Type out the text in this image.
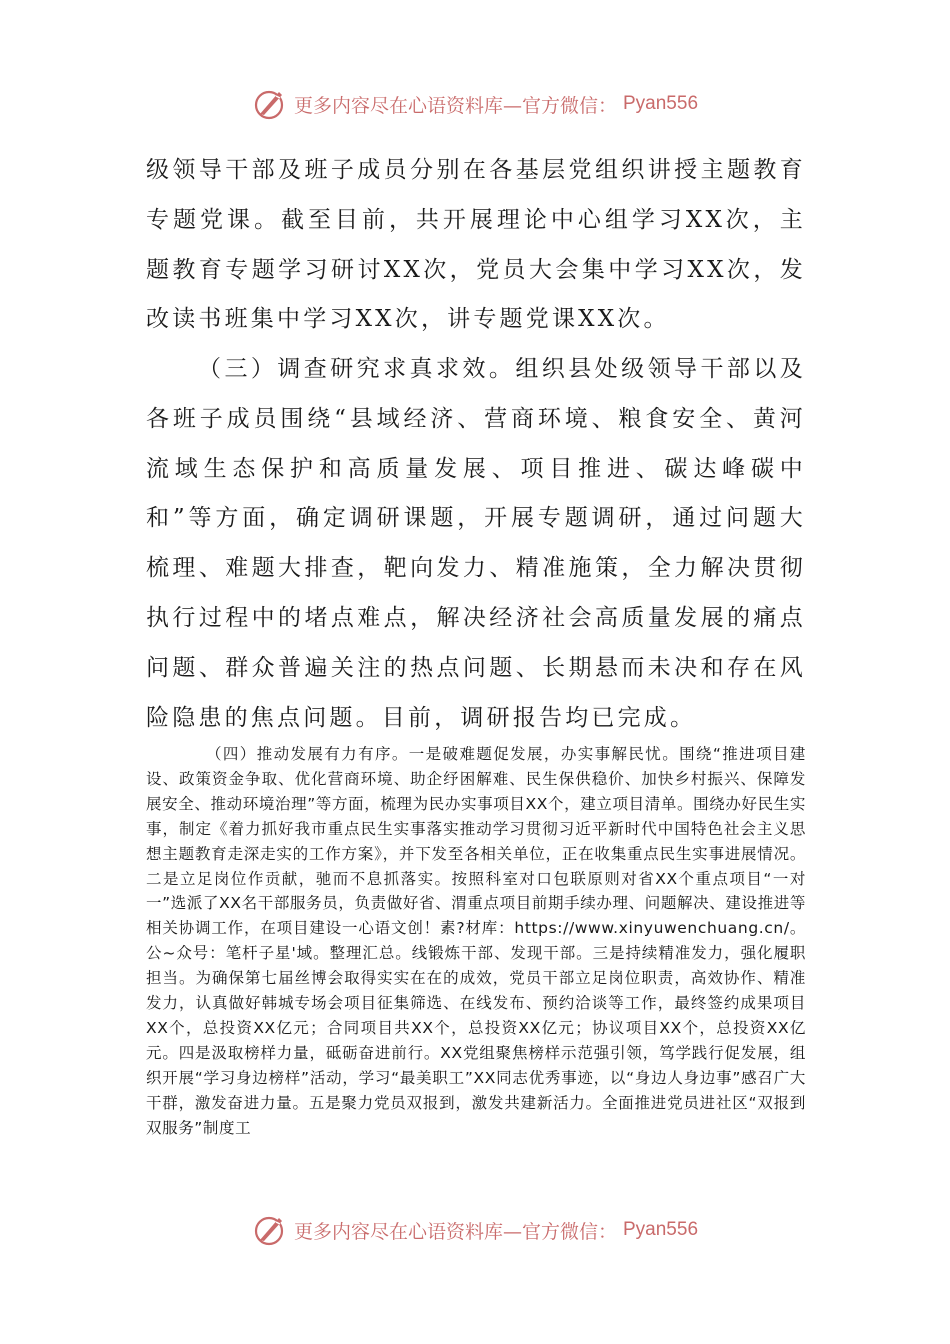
更多内容尽在心语资料库—官方微信： Pyan556

级领导干部及班子成员分别在各基层党组织讲授主题教育专题党课。截至目前，共开展理论中心组学习XX次，主题教育专题学习研讨XX次，党员大会集中学习XX次，发改读书班集中学习XX次，讲专题党课XX次。

（三）调查研究求真求效。组织县处级领导干部以及各班子成员围绕“县域经济、营商环境、粮食安全、黄河流域生态保护和高质量发展、项目推进、碳达峰碳中和”等方面，确定调研课题，开展专题调研，通过问题大梳理、难题大排查，靶向发力、精准施策，全力解决贯彻执行过程中的堵点难点，解决经济社会高质量发展的痛点问题、群众普遍关注的热点问题、长期悬而未决和存在风险隐患的焦点问题。目前，调研报告均已完成。

（四）推动发展有力有序。一是破难题促发展，办实事解民忧。围绕“推进项目建设、政策资金争取、优化营商环境、助企纾困解难、民生保供稳价、加快乡村振兴、保障发展安全、推动环境治理”等方面，梳理为民办实事项目XX个，建立项目清单。围绕办好民生实事，制定《着力抓好我市重点民生实事落实推动学习贯彻习近平新时代中国特色社会主义思想主题教育走深走实的工作方案》，并下发至各相关单位，正在收集重点民生实事进展情况。二是立足岗位作贡献，驰而不息抓落实。按照科室对口包联原则对省XX个重点项目“一对一”选派了XX名干部服务员，负责做好省、渭重点项目前期手续办理、问题解决、建设推进等相关协调工作，在项目建设一心语文创！素?材库：https://www.xinyuwenchuang.cn/。公~众号：笔杆子星'域。整理汇总。线锻炼干部、发现干部。三是持续精准发力，强化履职担当。为确保第七届丝博会取得实实在在的成效，党员干部立足岗位职责，高效协作、精准发力，认真做好韩城专场会项目征集筛选、在线发布、预约洽谈等工作，最终签约成果项目XX个，总投资XX亿元；合同项目共XX个，总投资XX亿元；协议项目XX个，总投资XX亿元。四是汲取榜样力量，砥砺奋进前行。XX党组聚焦榜样示范强引领，笃学践行促发展，组织开展“学习身边榜样”活动，学习“最美职工”XX同志优秀事迹，以“身边人身边事”感召广大干群，激发奋进力量。五是聚力党员双报到，激发共建新活力。全面推进党员进社区“双报到双服务”制度工

更多内容尽在心语资料库—官方微信： Pyan556
